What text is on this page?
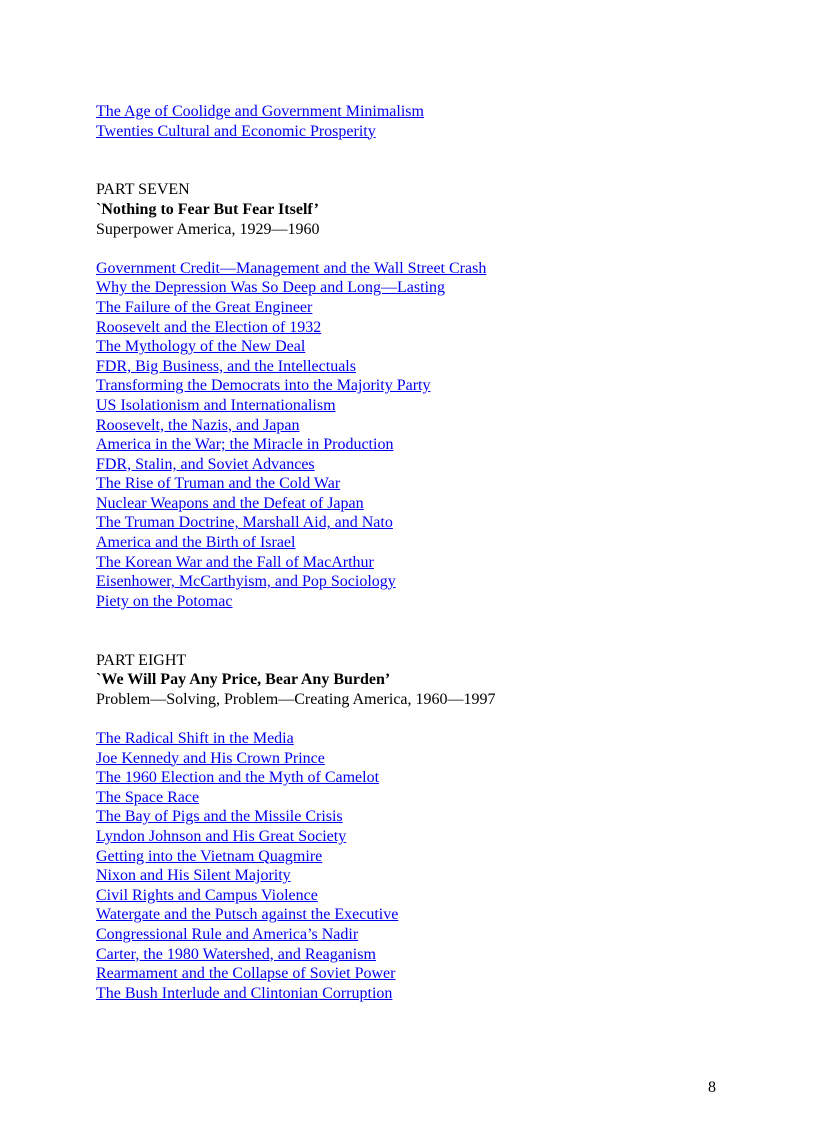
The Age of Coolidge and Government Minimalism
Twenties Cultural and Economic Prosperity
PART SEVEN
`Nothing to Fear But Fear Itself’
Superpower America, 1929—1960
Government Credit—Management and the Wall Street Crash
Why the Depression Was So Deep and Long—Lasting
The Failure of the Great Engineer
Roosevelt and the Election of 1932
The Mythology of the New Deal
FDR, Big Business, and the Intellectuals
Transforming the Democrats into the Majority Party
US Isolationism and Internationalism
Roosevelt, the Nazis, and Japan
America in the War; the Miracle in Production
FDR, Stalin, and Soviet Advances
The Rise of Truman and the Cold War
Nuclear Weapons and the Defeat of Japan
The Truman Doctrine, Marshall Aid, and Nato
America and the Birth of Israel
The Korean War and the Fall of MacArthur
Eisenhower, McCarthyism, and Pop Sociology
Piety on the Potomac
PART EIGHT
`We Will Pay Any Price, Bear Any Burden’
Problem—Solving, Problem—Creating America, 1960—1997
The Radical Shift in the Media
Joe Kennedy and His Crown Prince
The 1960 Election and the Myth of Camelot
The Space Race
The Bay of Pigs and the Missile Crisis
Lyndon Johnson and His Great Society
Getting into the Vietnam Quagmire
Nixon and His Silent Majority
Civil Rights and Campus Violence
Watergate and the Putsch against the Executive
Congressional Rule and America’s Nadir
Carter, the 1980 Watershed, and Reaganism
Rearmament and the Collapse of Soviet Power
The Bush Interlude and Clintonian Corruption
8
